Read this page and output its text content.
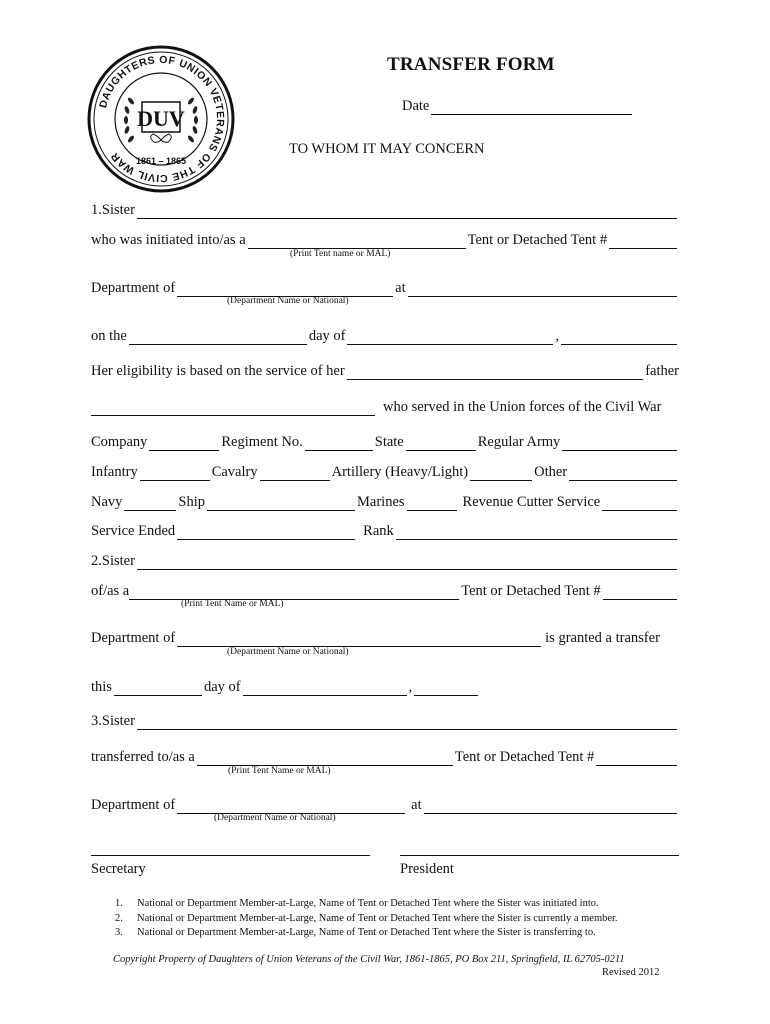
DAUGHTERS OF UNION VETERANS OF THE CIVIL WAR
DUV
1861 – 1865
TRANSFER FORM
Date
TO WHOM IT MAY CONCERN
1.Sister
who was initiated into/as a	Tent or Detached Tent #
(Print Tent name or MAL)
Department of	at
(Department Name or National)
on the	day of	,
Her eligibility is based on the service of her	father
who served in the Union forces of the Civil War
Company	Regiment No.	State	Regular Army
Infantry	Cavalry	Artillery (Heavy/Light)	Other
Navy	Ship	Marines	Revenue Cutter Service
Service Ended	Rank
2.Sister
of/as a	Tent or Detached Tent #
(Print Tent Name or MAL)
Department of	is granted a transfer
(Department Name or National)
this	day of	,
3.Sister
transferred to/as a	Tent or Detached Tent #
(Print Tent Name or MAL)
Department of	at
(Department Name or National)
Secretary	President
1. National or Department Member-at-Large, Name of Tent or Detached Tent where the Sister was initiated into.
2. National or Department Member-at-Large, Name of Tent or Detached Tent where the Sister is currently a member.
3. National or Department Member-at-Large, Name of Tent or Detached Tent where the Sister is transferring to.
Copyright Property of Daughters of Union Veterans of the Civil War, 1861-1865, PO Box 211, Springfield, IL 62705-0211
Revised 2012
